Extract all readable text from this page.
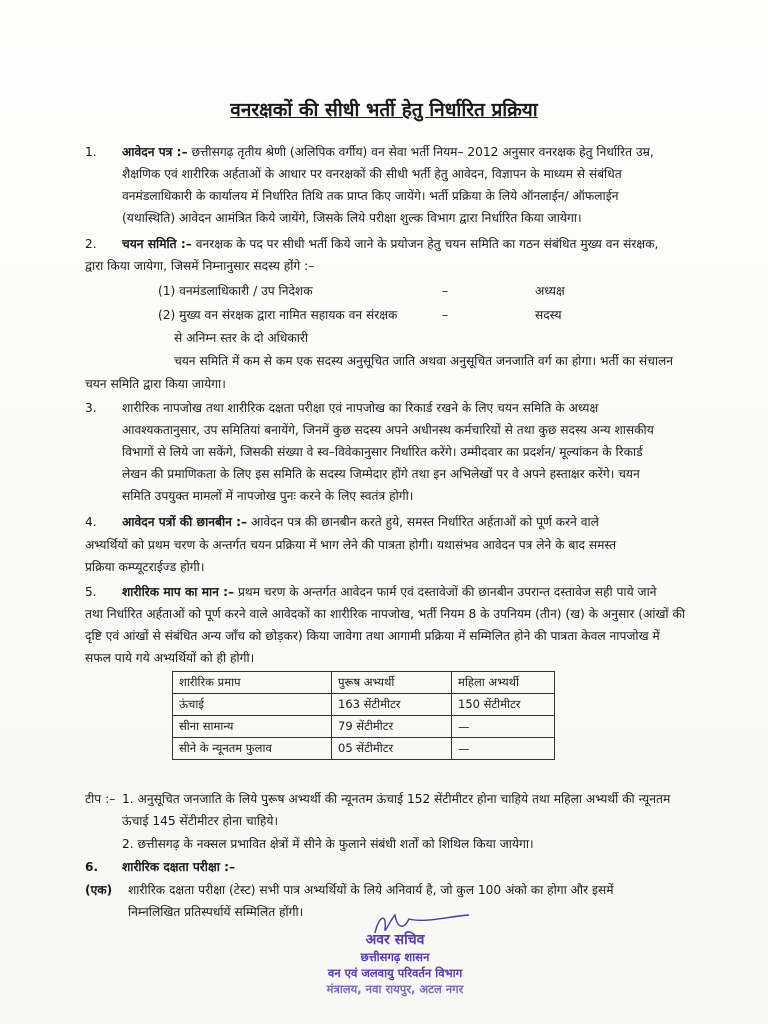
वनरक्षकों की सीधी भर्ती हेतु निर्धारित प्रक्रिया
1. आवेदन पत्र :– छत्तीसगढ़ तृतीय श्रेणी (अलिपिक वर्गीय) वन सेवा भर्ती नियम– 2012 अनुसार वनरक्षक हेतु निर्धारित उम्र,
शैक्षणिक एवं शारीरिक अर्हताओं के आधार पर वनरक्षकों की सीधी भर्ती हेतु आवेदन, विज्ञापन के माध्यम से संबंधित
वनमंडलाधिकारी के कार्यालय में निर्धारित तिथि तक प्राप्त किए जायेंगे। भर्ती प्रक्रिया के लिये ऑनलाईन/ ऑफलाईन
(यथास्थिति) आवेदन आमंत्रित किये जायेंगे, जिसके लिये परीक्षा शुल्क विभाग द्वारा निर्धारित किया जायेगा।
2. चयन समिति :– वनरक्षक के पद पर सीधी भर्ती किये जाने के प्रयोजन हेतु चयन समिति का गठन संबंधित मुख्य वन संरक्षक,
द्वारा किया जायेगा, जिसमें निम्नानुसार सदस्य होंगे :–
(1) वनमंडलाधिकारी / उप निदेशक	–	अध्यक्ष
(2) मुख्य वन संरक्षक द्वारा नामित सहायक वन संरक्षक	–	सदस्य
से अनिम्न स्तर के दो अधिकारी
चयन समिति में कम से कम एक सदस्य अनुसूचित जाति अथवा अनुसूचित जनजाति वर्ग का होगा। भर्ती का संचालन
चयन समिति द्वारा किया जायेगा।
3. शारीरिक नापजोख तथा शारीरिक दक्षता परीक्षा एवं नापजोख का रिकार्ड रखने के लिए चयन समिति के अध्यक्ष
आवश्यकतानुसार, उप समितियां बनायेंगे, जिनमें कुछ सदस्य अपने अधीनस्थ कर्मचारियों से तथा कुछ सदस्य अन्य शासकीय
विभागों से लिये जा सकेंगे, जिसकी संख्या वे स्व–विवेकानुसार निर्धारित करेंगे। उम्मीदवार का प्रदर्शन/ मूल्यांकन के रिकार्ड
लेखन की प्रमाणिकता के लिए इस समिति के सदस्य जिम्मेदार होंगे तथा इन अभिलेखों पर वे अपने हस्ताक्षर करेंगे। चयन
समिति उपयुक्त मामलों में नापजोख पुनः करने के लिए स्वतंत्र होगी।
4. आवेदन पत्रों की छानबीन :– आवेदन पत्र की छानबीन करते हुये, समस्त निर्धारित अर्हताओं को पूर्ण करने वाले
अभ्यर्थियों को प्रथम चरण के अन्तर्गत चयन प्रक्रिया में भाग लेने की पात्रता होगी। यथासंभव आवेदन पत्र लेने के बाद समस्त
प्रक्रिया कम्प्यूटराईज्ड होगी।
5. शारीरिक माप का मान :– प्रथम चरण के अन्तर्गत आवेदन फार्म एवं दस्तावेजों की छानबीन उपरान्त दस्तावेज सही पाये जाने
तथा निर्धारित अर्हताओं को पूर्ण करने वाले आवेदकों का शारीरिक नापजोख, भर्ती नियम 8 के उपनियम (तीन) (ख) के अनुसार (आंखों की
दृष्टि एवं आंखों से संबंधित अन्य जाँच को छोड़कर) किया जावेगा तथा आगामी प्रक्रिया में सम्मिलित होने की पात्रता केवल नापजोख में
सफल पाये गये अभ्यर्थियों को ही होगी।
शारीरिक प्रमाप	पुरूष अभ्यर्थी	महिला अभ्यर्थी
ऊंचाई	163 सेंटीमीटर	150 सेंटीमीटर
सीना सामान्य	79 सेंटीमीटर	—
सीने के न्यूनतम फुलाव	05 सेंटीमीटर	—
टीप :– 1. अनुसूचित जनजाति के लिये पुरूष अभ्यर्थी की न्यूनतम ऊंचाई 152 सेंटीमीटर होना चाहिये तथा महिला अभ्यर्थी की न्यूनतम
ऊंचाई 145 सेंटीमीटर होना चाहिये।
2. छत्तीसगढ़ के नक्सल प्रभावित क्षेत्रों में सीने के फुलाने संबंधी शर्तों को शिथिल किया जायेगा।
6. शारीरिक दक्षता परीक्षा :–
(एक) शारीरिक दक्षता परीक्षा (टेस्ट) सभी पात्र अभ्यर्थियों के लिये अनिवार्य है, जो कुल 100 अंको का होगा और इसमें
निम्नलिखित प्रतिस्पर्धायें सम्मिलित होंगी।
अवर सचिव
छत्तीसगढ़ शासन
वन एवं जलवायु परिवर्तन विभाग
मंत्रालय, नवा रायपुर, अटल नगर
